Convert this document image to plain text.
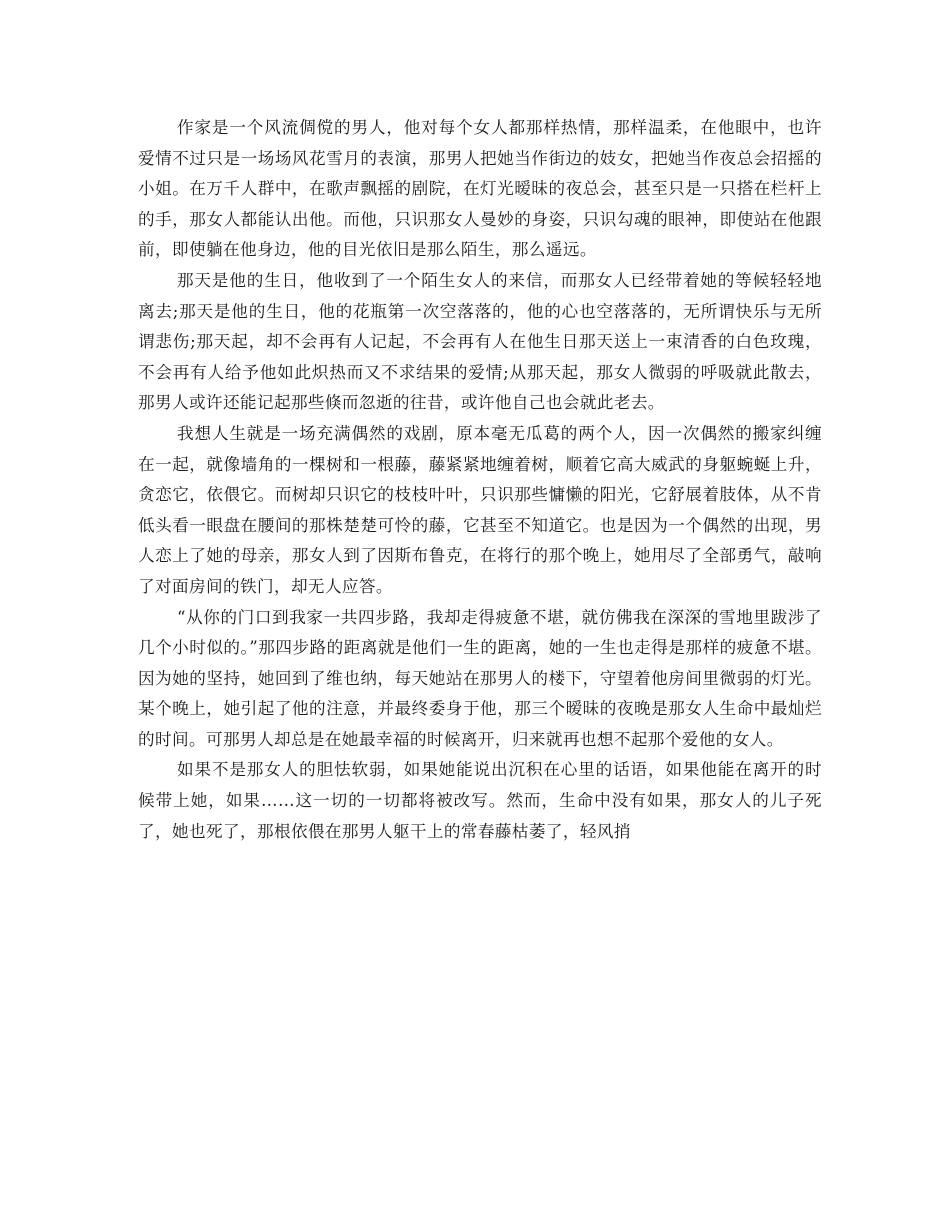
作家是一个风流倜傥的男人，他对每个女人都那样热情，那样温柔，在他眼中，也许爱情不过只是一场场风花雪月的表演，那男人把她当作街边的妓女，把她当作夜总会招摇的小姐。在万千人群中，在歌声飘摇的剧院，在灯光暧昧的夜总会，甚至只是一只搭在栏杆上的手，那女人都能认出他。而他，只识那女人曼妙的身姿，只识勾魂的眼神，即使站在他跟前，即使躺在他身边，他的目光依旧是那么陌生，那么遥远。

那天是他的生日，他收到了一个陌生女人的来信，而那女人已经带着她的等候轻轻地离去;那天是他的生日，他的花瓶第一次空落落的，他的心也空落落的，无所谓快乐与无所谓悲伤;那天起，却不会再有人记起，不会再有人在他生日那天送上一束清香的白色玫瑰，不会再有人给予他如此炽热而又不求结果的爱情;从那天起，那女人微弱的呼吸就此散去，那男人或许还能记起那些倏而忽逝的往昔，或许他自己也会就此老去。

我想人生就是一场充满偶然的戏剧，原本毫无瓜葛的两个人，因一次偶然的搬家纠缠在一起，就像墙角的一棵树和一根藤，藤紧紧地缠着树，顺着它高大威武的身躯蜿蜒上升，贪恋它，依偎它。而树却只识它的枝枝叶叶，只识那些慵懒的阳光，它舒展着肢体，从不肯低头看一眼盘在腰间的那株楚楚可怜的藤，它甚至不知道它。也是因为一个偶然的出现，男人恋上了她的母亲，那女人到了因斯布鲁克，在将行的那个晚上，她用尽了全部勇气，敲响了对面房间的铁门，却无人应答。

“从你的门口到我家一共四步路，我却走得疲惫不堪，就仿佛我在深深的雪地里跋涉了几个小时似的。”那四步路的距离就是他们一生的距离，她的一生也走得是那样的疲惫不堪。因为她的坚持，她回到了维也纳，每天她站在那男人的楼下，守望着他房间里微弱的灯光。某个晚上，她引起了他的注意，并最终委身于他，那三个暧昧的夜晚是那女人生命中最灿烂的时间。可那男人却总是在她最幸福的时候离开，归来就再也想不起那个爱他的女人。

如果不是那女人的胆怯软弱，如果她能说出沉积在心里的话语，如果他能在离开的时候带上她，如果……这一切的一切都将被改写。然而，生命中没有如果，那女人的儿子死了，她也死了，那根依偎在那男人躯干上的常春藤枯萎了，轻风捎
